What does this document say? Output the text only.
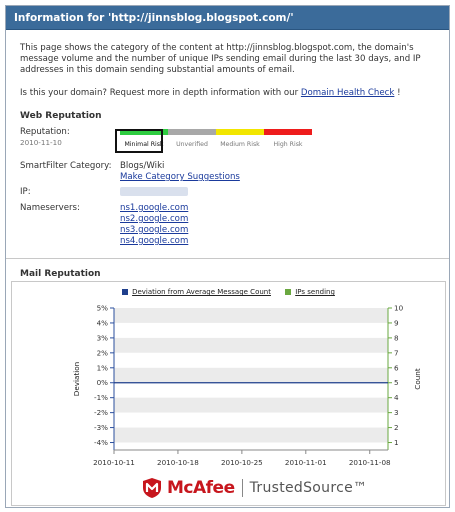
Information for 'http://jinnsblog.blogspot.com/'

This page shows the category of the content at http://jinnsblog.blogspot.com, the domain's message volume and the number of unique IPs sending email during the last 30 days, and IP addresses in this domain sending substantial amounts of email.

Is this your domain? Request more in depth information with our Domain Health Check !

Web Reputation
Reputation:
2010-11-10	Minimal Risk	Unverified	Medium Risk	High Risk
SmartFilter Category: Blogs/Wiki
Make Category Suggestions
IP:
Nameservers:	ns1.google.com
ns2.google.com
ns3.google.com
ns4.google.com
Mail Reputation
Deviation from Average Message Count
	IPs sending
5%
4%
3%
2%
1%
0%
-1%
-2%
-3%
-4%
10
9
8
7
6
5
4
3
2
1
2010-10-11	2010-10-18	2010-10-25	2010-11-01	2010-11-08
Deviation	Count
McAfee TrustedSource™
